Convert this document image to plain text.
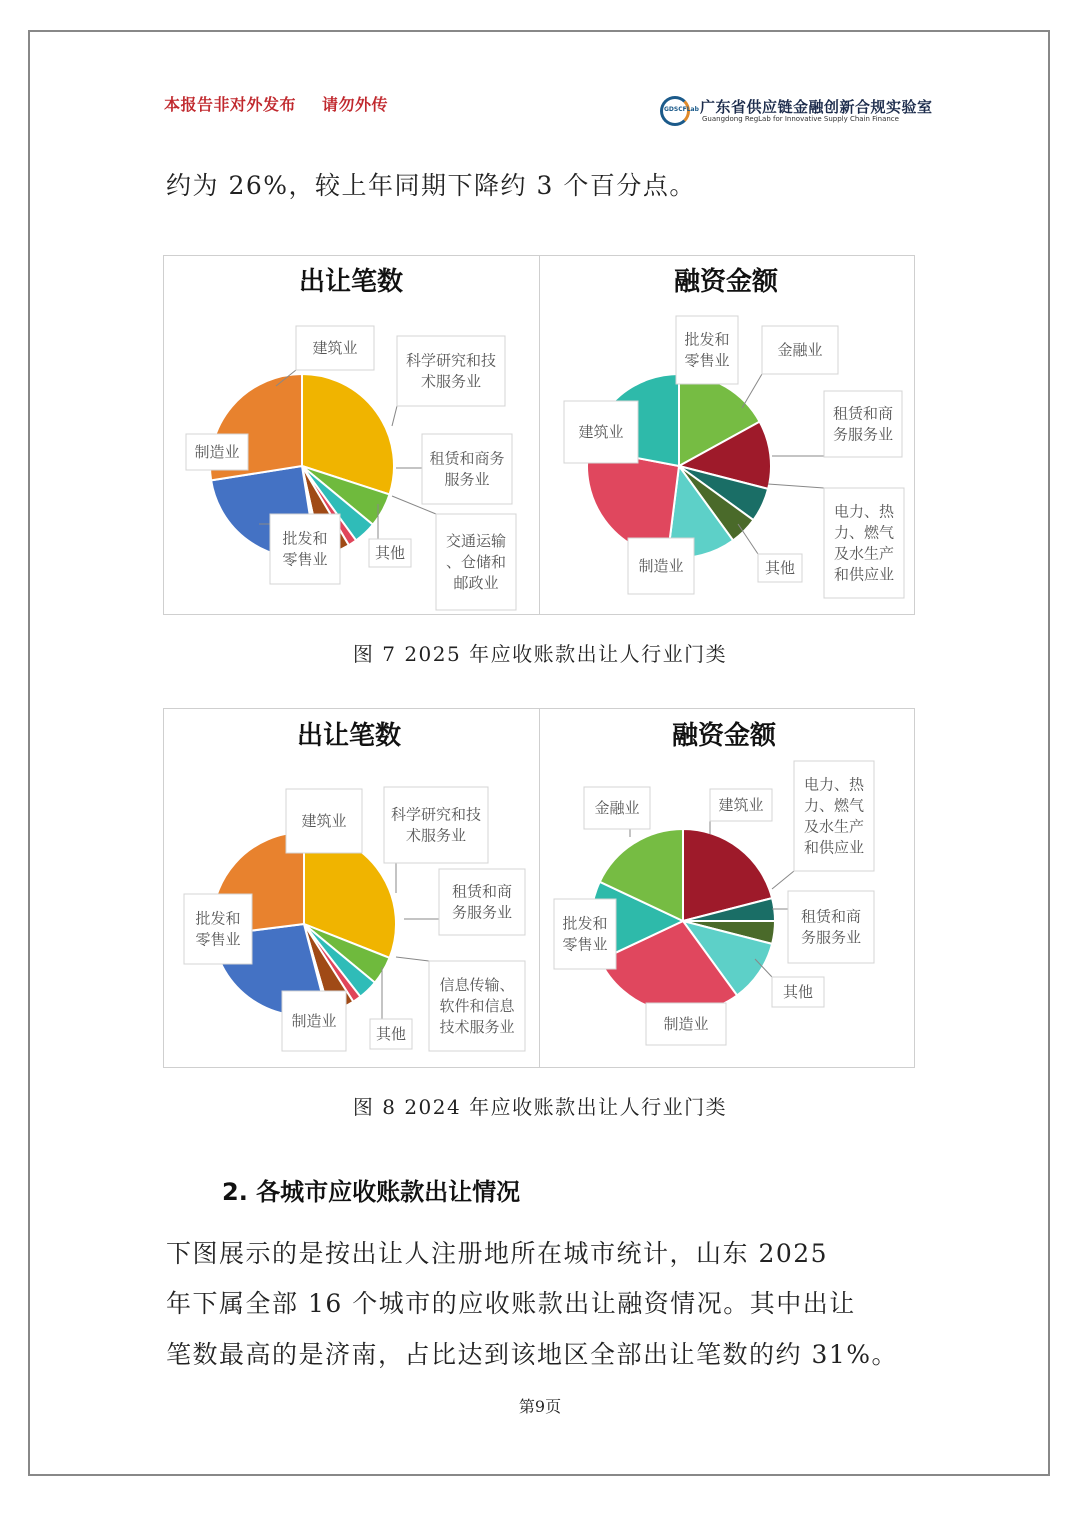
本报告非对外发布 请勿外传	GDSCFLab 广东省供应链金融创新合规实验室
Guangdong RegLab for Innovative Supply Chain Finance
约为 26%，较上年同期下降约 3 个百分点。
出让笔数
建筑业
科学研究和技术服务业
租赁和商务服务业
交通运输、仓储和邮政业
其他
批发和零售业
制造业
融资金额
批发和零售业
金融业
租赁和商务服务业
电力、热力、燃气及水生产和供应业
其他
制造业
建筑业
图 7 2025 年应收账款出让人行业门类
出让笔数
建筑业	科学研究和技术服务业
租赁和商务服务业
信息传输、软件和信息技术服务业
其他
制造业
批发和零售业
融资金额
建筑业
电力、热力、燃气及水生产和供应业
租赁和商务服务业
其他
制造业
批发和零售业
金融业
图 8 2024 年应收账款出让人行业门类
2. 各城市应收账款出让情况
下图展示的是按出让人注册地所在城市统计，山东 2025
年下属全部 16 个城市的应收账款出让融资情况。其中出让
笔数最高的是济南，占比达到该地区全部出让笔数的约 31%。
第9页
